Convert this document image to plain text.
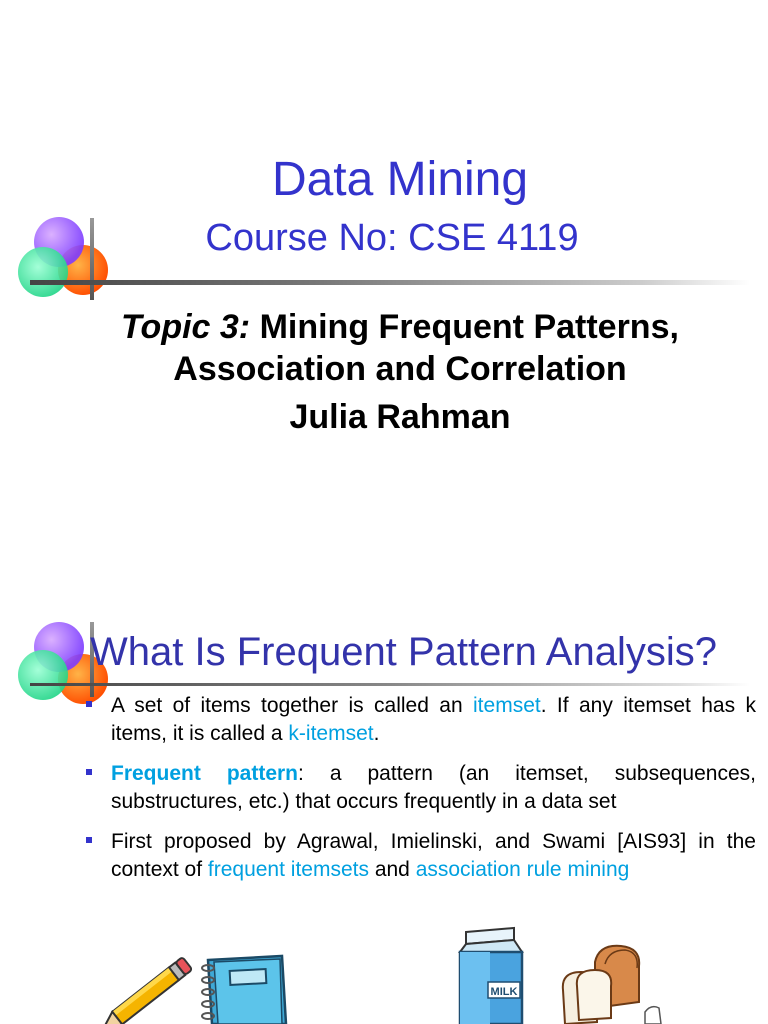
Data Mining
Course No: CSE 4119
Topic 3: Mining Frequent Patterns,
Association and Correlation
Julia Rahman
What Is Frequent Pattern Analysis?
A set of items together is called an itemset. If any itemset has k items, it is called a k-itemset.
Frequent pattern: a pattern (an itemset, subsequences, substructures, etc.) that occurs frequently in a data set
First proposed by Agrawal, Imielinski, and Swami [AIS93] in the context of frequent itemsets and association rule mining
MILK
